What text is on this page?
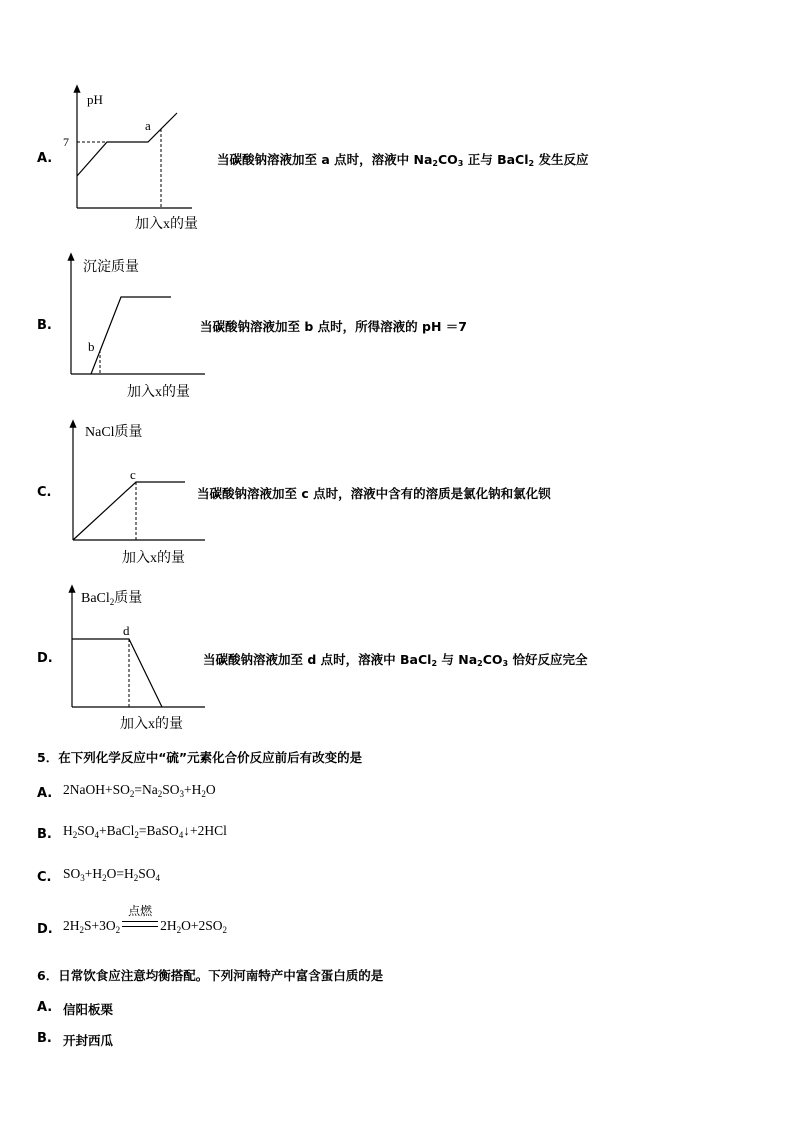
A.
pH
7
a
加入x的量
当碳酸钠溶液加至 a 点时，溶液中 $Na_2CO_3$ 正与 BaCl$_2$ 发生反应
B.
沉淀质量
b
加入x的量
当碳酸钠溶液加至 b 点时，所得溶液的 pH ＝7
C.
NaCl质量
c
加入x的量
当碳酸钠溶液加至 c 点时，溶液中含有的溶质是氯化钠和氯化钡
D.
BaCl$_2$质量
d
加入x的量
当碳酸钠溶液加至 d 点时，溶液中 BaCl$_2$ 与 $Na_2CO_3$ 恰好反应完全
5．在下列化学反应中“硫”元素化合价反应前后有改变的是
A. $2NaOH+SO_2=Na_2SO_3+H_2O$
B. $H_2SO_4+BaCl_2=BaSO_4↓+2HCl$
C. $SO_3+H_2O=H_2SO_4$
D. $2H_2S+3O_2$
点燃
$2H_2O+2SO_2$
6．日常饮食应注意均衡搭配。下列河南特产中富含蛋白质的是
A. 信阳板栗
B. 开封西瓜
